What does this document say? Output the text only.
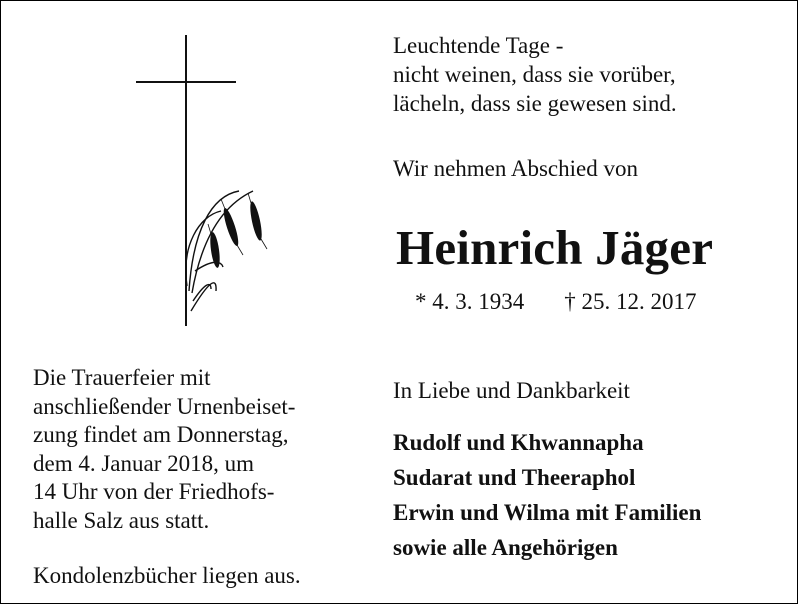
Leuchtende Tage -
nicht weinen, dass sie vorüber,
lächeln, dass sie gewesen sind.
Wir nehmen Abschied von
Heinrich Jäger
* 4. 3. 1934 † 25. 12. 2017
Die Trauerfeier mit
anschließender Urnenbeiset-
zung findet am Donnerstag,
dem 4. Januar 2018, um
14 Uhr von der Friedhofs-
halle Salz aus statt.
Kondolenzbücher liegen aus.
In Liebe und Dankbarkeit
Rudolf und Khwannapha
Sudarat und Theeraphol
Erwin und Wilma mit Familien
sowie alle Angehörigen
